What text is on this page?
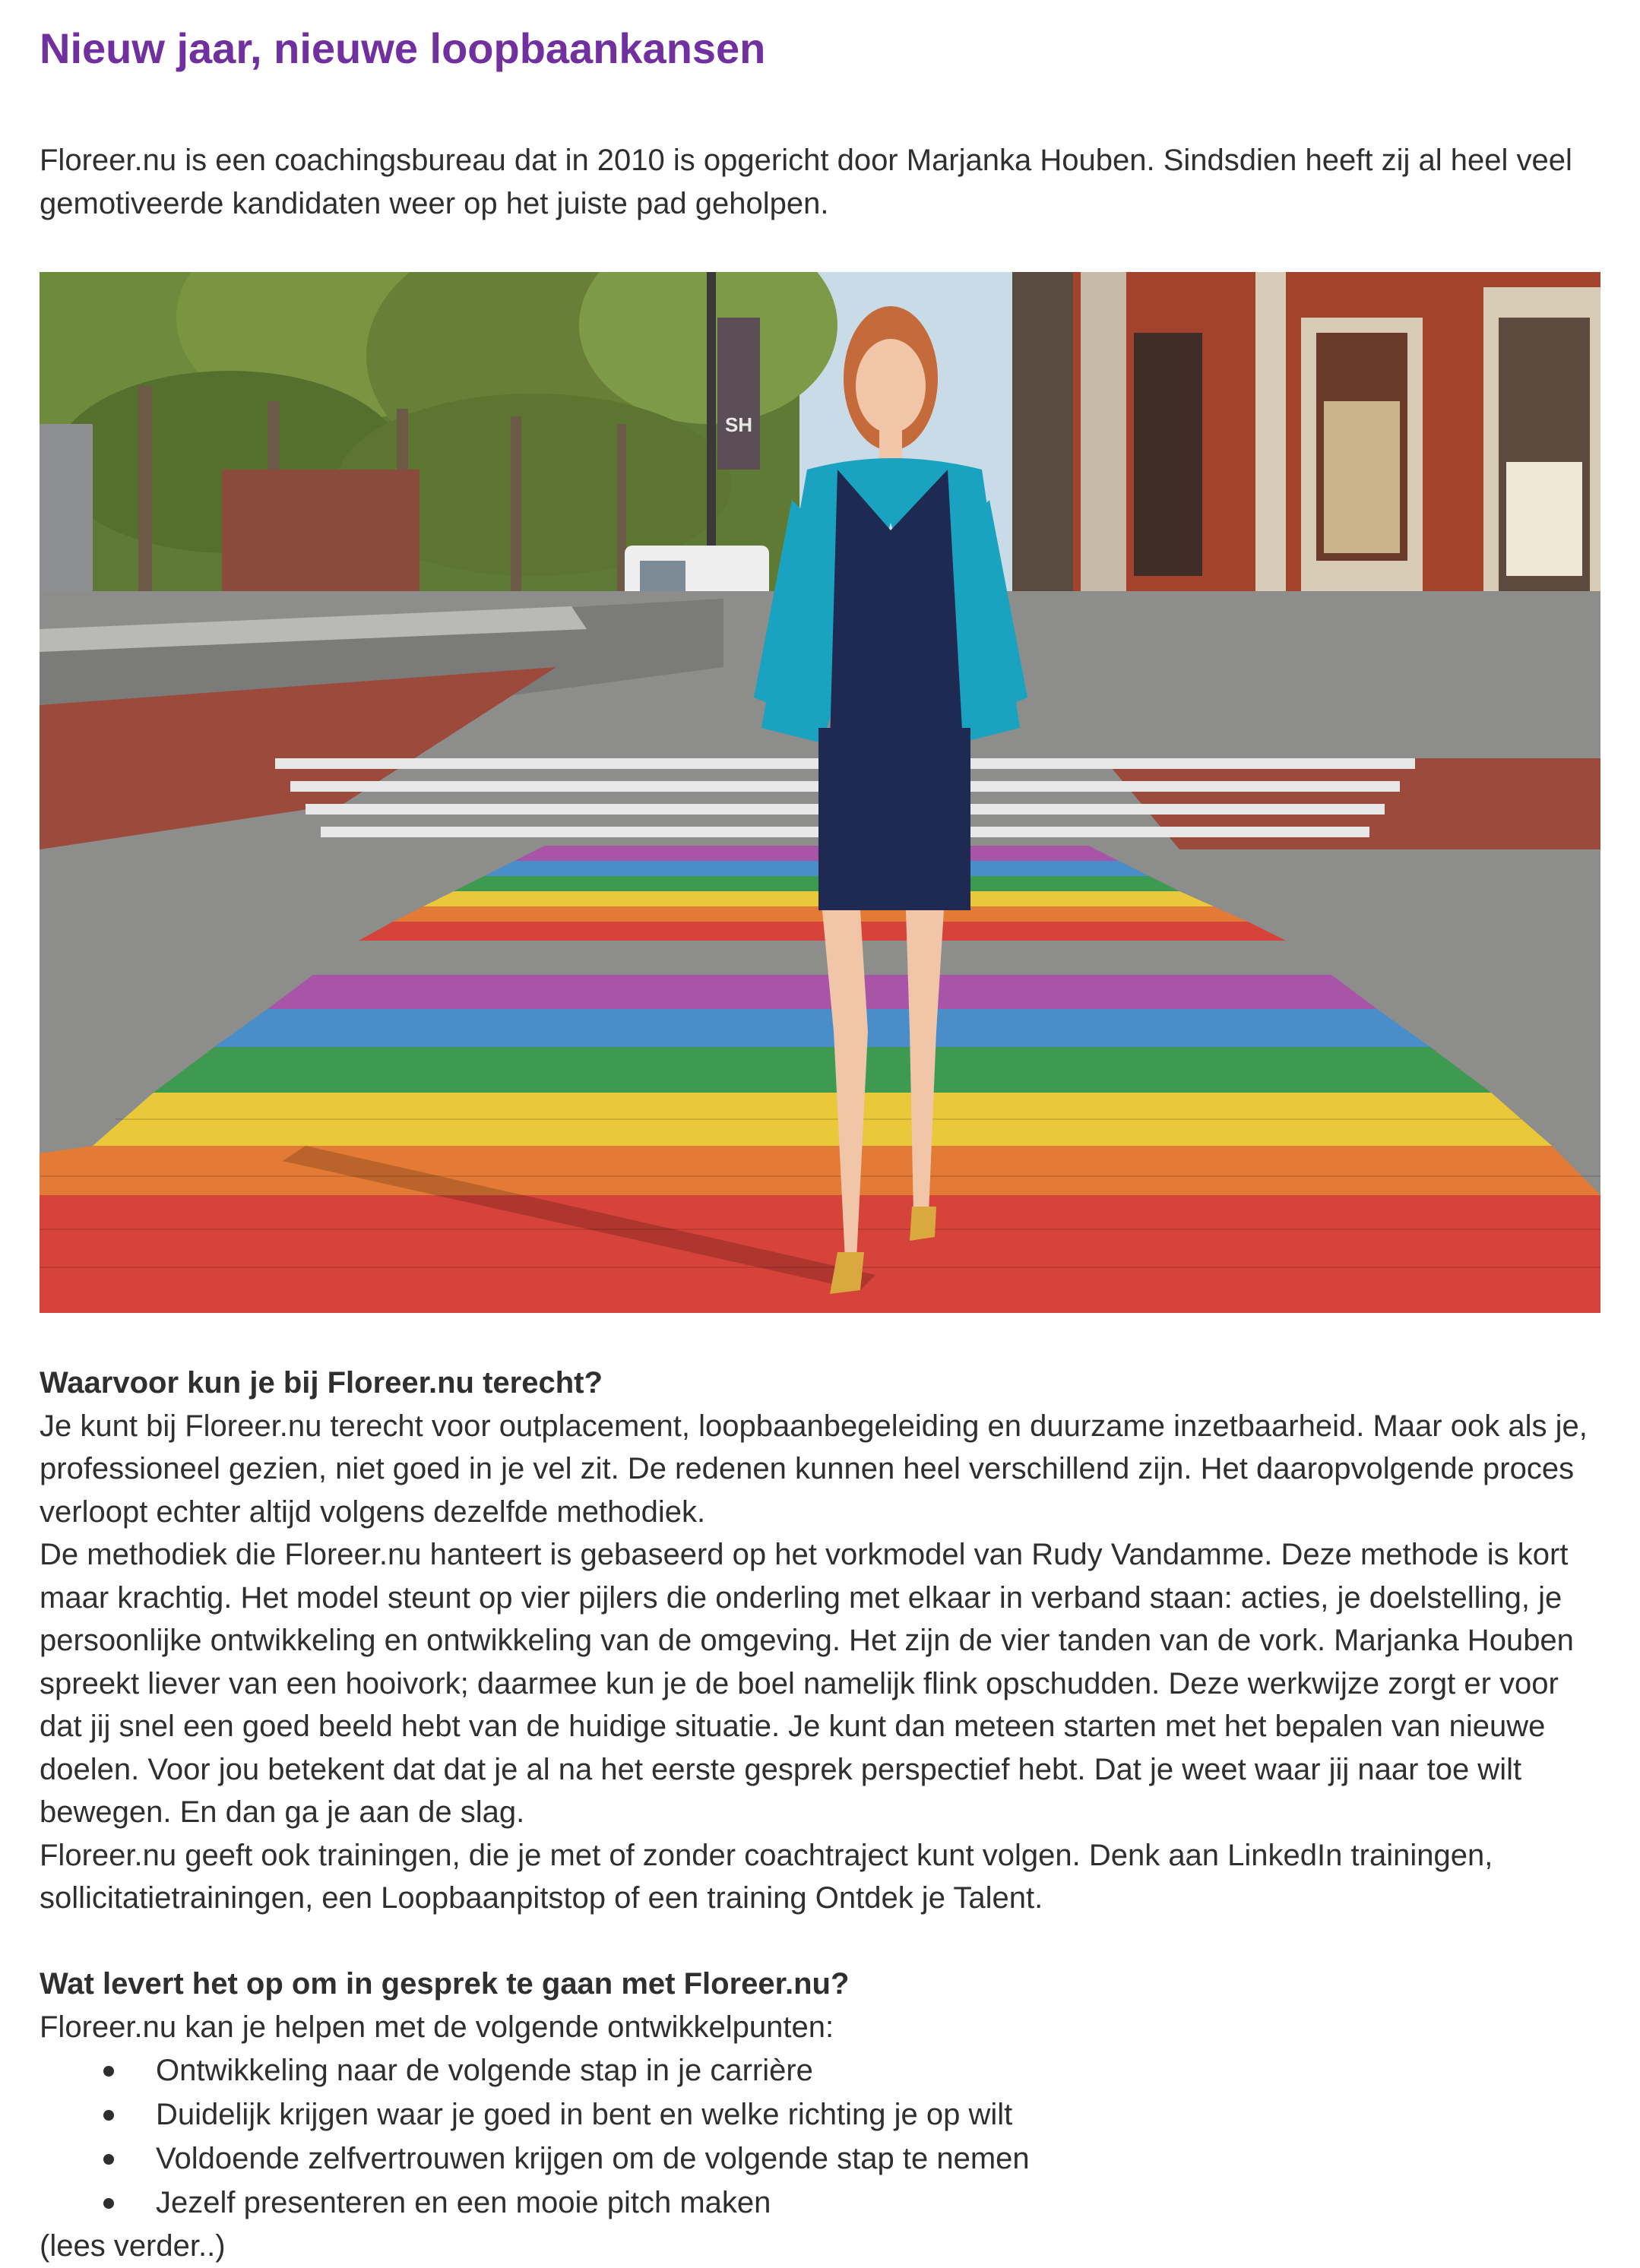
Nieuw jaar, nieuwe loopbaankansen

Floreer.nu is een coachingsbureau dat in 2010 is opgericht door Marjanka Houben. Sindsdien heeft zij al heel veel gemotiveerde kandidaten weer op het juiste pad geholpen.

SH
Waarvoor kun je bij Floreer.nu terecht?

Je kunt bij Floreer.nu terecht voor outplacement, loopbaanbegeleiding en duurzame inzetbaarheid. Maar ook als je, professioneel gezien, niet goed in je vel zit. De redenen kunnen heel verschillend zijn. Het daaropvolgende proces verloopt echter altijd volgens dezelfde methodiek.

De methodiek die Floreer.nu hanteert is gebaseerd op het vorkmodel van Rudy Vandamme. Deze methode is kort maar krachtig. Het model steunt op vier pijlers die onderling met elkaar in verband staan: acties, je doelstelling, je persoonlijke ontwikkeling en ontwikkeling van de omgeving. Het zijn de vier tanden van de vork. Marjanka Houben spreekt liever van een hooivork; daarmee kun je de boel namelijk flink opschudden. Deze werkwijze zorgt er voor dat jij snel een goed beeld hebt van de huidige situatie. Je kunt dan meteen starten met het bepalen van nieuwe doelen. Voor jou betekent dat dat je al na het eerste gesprek perspectief hebt. Dat je weet waar jij naar toe wilt bewegen. En dan ga je aan de slag.

Floreer.nu geeft ook trainingen, die je met of zonder coachtraject kunt volgen. Denk aan LinkedIn trainingen, sollicitatietrainingen, een Loopbaanpitstop of een training Ontdek je Talent.

Wat levert het op om in gesprek te gaan met Floreer.nu?

Floreer.nu kan je helpen met de volgende ontwikkelpunten:

Ontwikkeling naar de volgende stap in je carrière
Duidelijk krijgen waar je goed in bent en welke richting je op wilt
Voldoende zelfvertrouwen krijgen om de volgende stap te nemen
Jezelf presenteren en een mooie pitch maken

(lees verder..)
